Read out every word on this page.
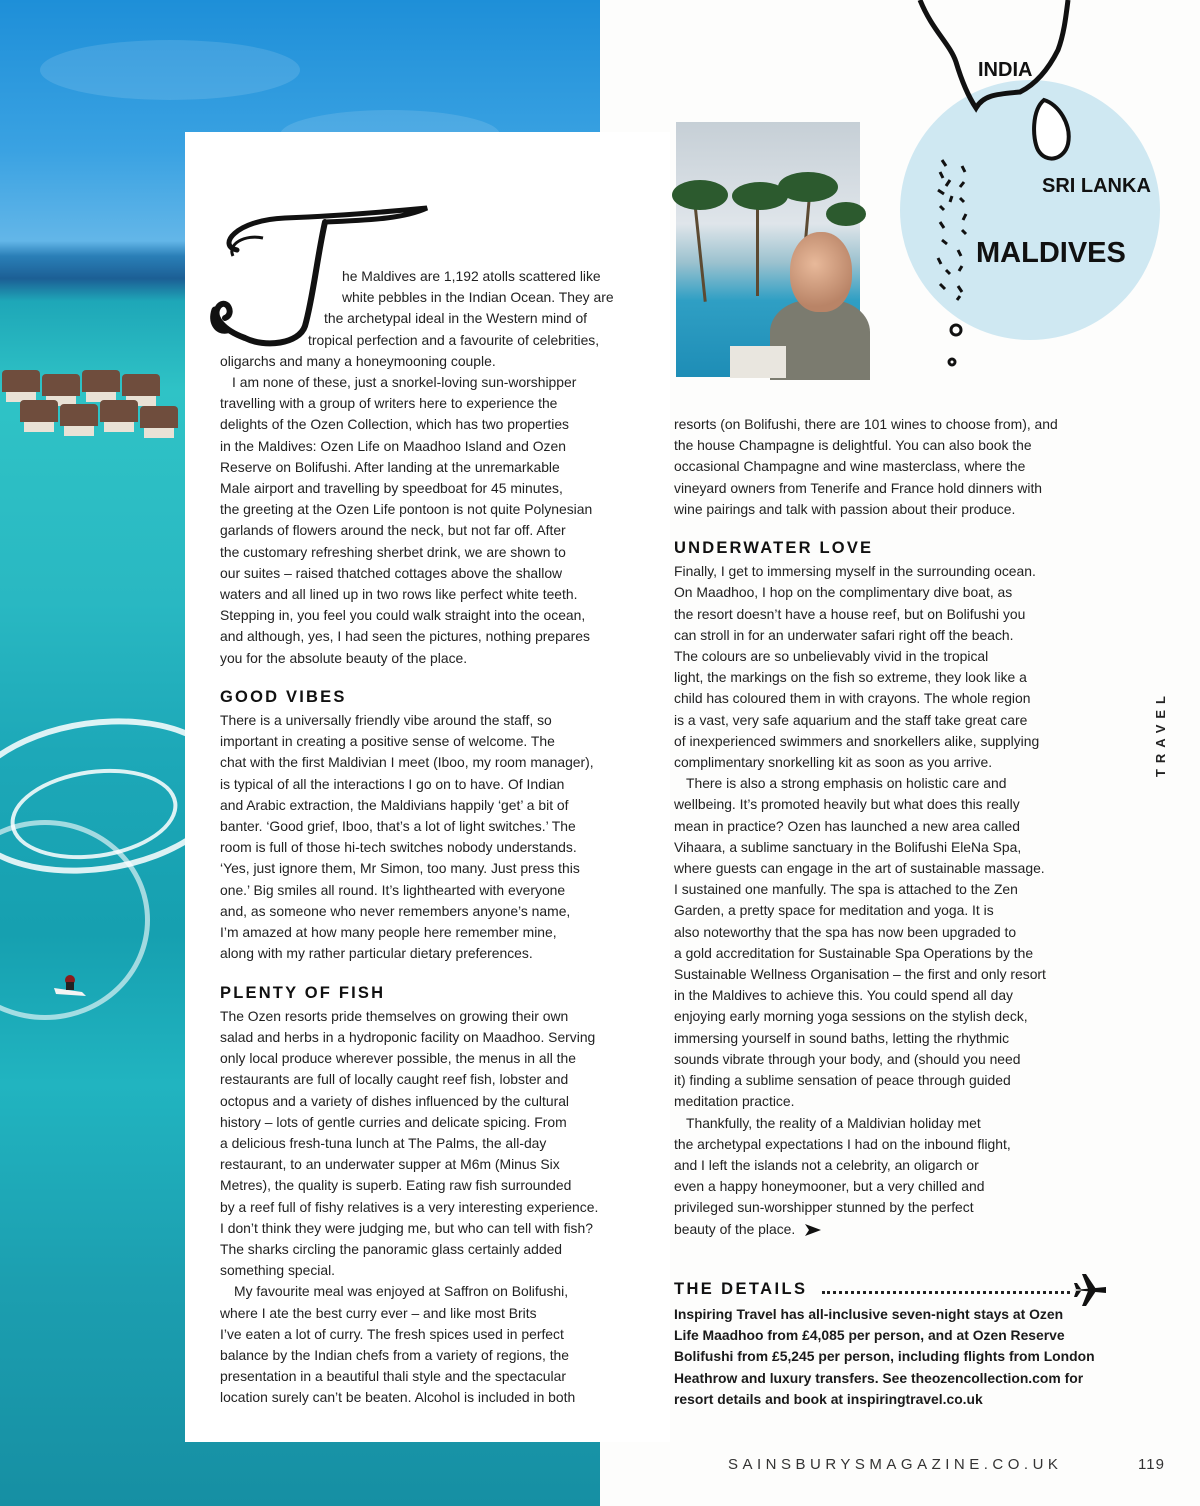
he Maldives are 1,192 atolls scattered like
white pebbles in the Indian Ocean. They are
the archetypal ideal in the Western mind of
tropical perfection and a favourite of celebrities,
oligarchs and many a honeymooning couple.

I am none of these, just a snorkel-loving sun-worshipper
travelling with a group of writers here to experience the
delights of the Ozen Collection, which has two properties
in the Maldives: Ozen Life on Maadhoo Island and Ozen
Reserve on Bolifushi. After landing at the unremarkable
Male airport and travelling by speedboat for 45 minutes,
the greeting at the Ozen Life pontoon is not quite Polynesian
garlands of flowers around the neck, but not far off. After
the customary refreshing sherbet drink, we are shown to
our suites – raised thatched cottages above the shallow
waters and all lined up in two rows like perfect white teeth.
Stepping in, you feel you could walk straight into the ocean,
and although, yes, I had seen the pictures, nothing prepares
you for the absolute beauty of the place.

GOOD VIBES

There is a universally friendly vibe around the staff, so
important in creating a positive sense of welcome. The
chat with the first Maldivian I meet (Iboo, my room manager),
is typical of all the interactions I go on to have. Of Indian
and Arabic extraction, the Maldivians happily ‘get’ a bit of
banter. ‘Good grief, Iboo, that’s a lot of light switches.’ The
room is full of those hi-tech switches nobody understands.
‘Yes, just ignore them, Mr Simon, too many. Just press this
one.’ Big smiles all round. It’s lighthearted with everyone
and, as someone who never remembers anyone’s name,
I’m amazed at how many people here remember mine,
along with my rather particular dietary preferences.

PLENTY OF FISH

The Ozen resorts pride themselves on growing their own
salad and herbs in a hydroponic facility on Maadhoo. Serving
only local produce wherever possible, the menus in all the
restaurants are full of locally caught reef fish, lobster and
octopus and a variety of dishes influenced by the cultural
history – lots of gentle curries and delicate spicing. From
a delicious fresh-tuna lunch at The Palms, the all-day
restaurant, to an underwater supper at M6m (Minus Six
Metres), the quality is superb. Eating raw fish surrounded
by a reef full of fishy relatives is a very interesting experience.
I don’t think they were judging me, but who can tell with fish?
The sharks circling the panoramic glass certainly added
something special.

My favourite meal was enjoyed at Saffron on Bolifushi,
where I ate the best curry ever – and like most Brits
I’ve eaten a lot of curry. The fresh spices used in perfect
balance by the Indian chefs from a variety of regions, the
presentation in a beautiful thali style and the spectacular
location surely can’t be beaten. Alcohol is included in both

INDIA
SRI LANKA
MALDIVES

resorts (on Bolifushi, there are 101 wines to choose from), and
the house Champagne is delightful. You can also book the
occasional Champagne and wine masterclass, where the
vineyard owners from Tenerife and France hold dinners with
wine pairings and talk with passion about their produce.

UNDERWATER LOVE

Finally, I get to immersing myself in the surrounding ocean.
On Maadhoo, I hop on the complimentary dive boat, as
the resort doesn’t have a house reef, but on Bolifushi you
can stroll in for an underwater safari right off the beach.
The colours are so unbelievably vivid in the tropical
light, the markings on the fish so extreme, they look like a
child has coloured them in with crayons. The whole region
is a vast, very safe aquarium and the staff take great care
of inexperienced swimmers and snorkellers alike, supplying
complimentary snorkelling kit as soon as you arrive.

There is also a strong emphasis on holistic care and
wellbeing. It’s promoted heavily but what does this really
mean in practice? Ozen has launched a new area called
Vihaara, a sublime sanctuary in the Bolifushi EleNa Spa,
where guests can engage in the art of sustainable massage.
I sustained one manfully. The spa is attached to the Zen
Garden, a pretty space for meditation and yoga. It is
also noteworthy that the spa has now been upgraded to
a gold accreditation for Sustainable Spa Operations by the
Sustainable Wellness Organisation – the first and only resort
in the Maldives to achieve this. You could spend all day
enjoying early morning yoga sessions on the stylish deck,
immersing yourself in sound baths, letting the rhythmic
sounds vibrate through your body, and (should you need
it) finding a sublime sensation of peace through guided
meditation practice.

Thankfully, the reality of a Maldivian holiday met
the archetypal expectations I had on the inbound flight,
and I left the islands not a celebrity, an oligarch or
even a happy honeymooner, but a very chilled and
privileged sun-worshipper stunned by the perfect
beauty of the place.

TRAVEL
THE DETAILS
Inspiring Travel has all-inclusive seven-night stays at Ozen
Life Maadhoo from £4,085 per person, and at Ozen Reserve
Bolifushi from £5,245 per person, including flights from London
Heathrow and luxury transfers. See theozencollection.com for
resort details and book at inspiringtravel.co.uk
SAINSBURYSMAGAZINE.CO.UK	119
